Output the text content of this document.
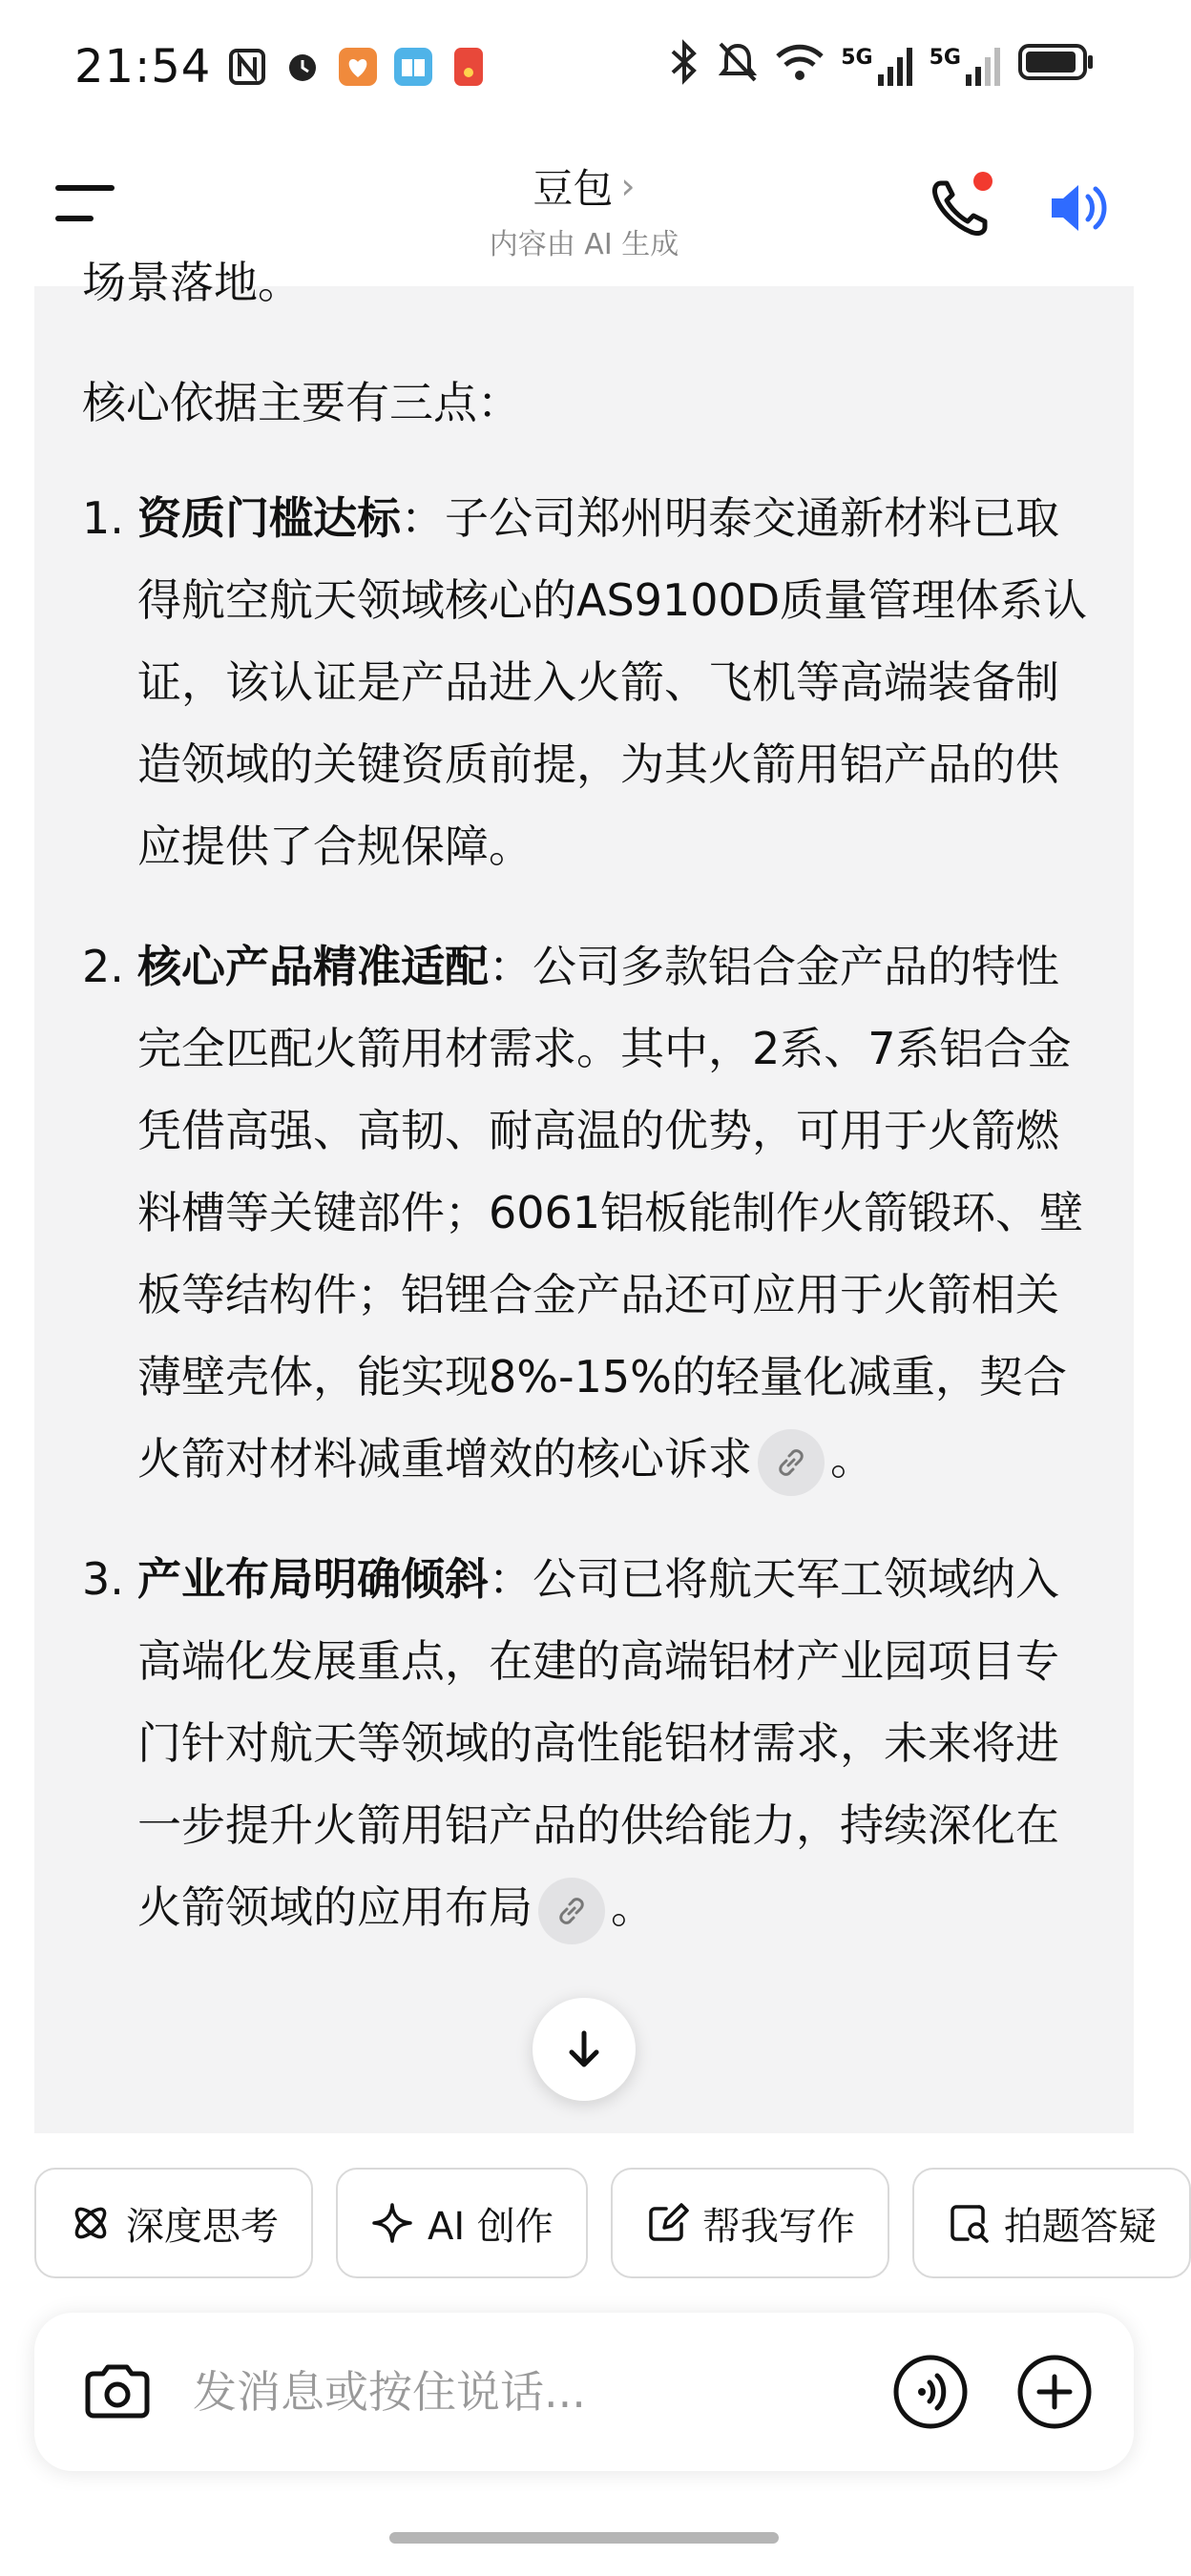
21:54	5G	5G
豆包 ›
内容由 AI 生成
场景落地。
核心依据主要有三点：
1. 资质门槛达标：子公司郑州明泰交通新材料已取得航空航天领域核心的AS9100D质量管理体系认证，该认证是产品进入火箭、飞机等高端装备制造领域的关键资质前提，为其火箭用铝产品的供应提供了合规保障。
2. 核心产品精准适配：公司多款铝合金产品的特性完全匹配火箭用材需求。其中，2系、7系铝合金凭借高强、高韧、耐高温的优势，可用于火箭燃料槽等关键部件；6061铝板能制作火箭锻环、壁板等结构件；铝锂合金产品还可应用于火箭相关薄壁壳体，能实现8%-15%的轻量化减重，契合火箭对材料减重增效的核心诉求 。
3. 产业布局明确倾斜：公司已将航天军工领域纳入高端化发展重点，在建的高端铝材产业园项目专门针对航天等领域的高性能铝材需求，未来将进一步提升火箭用铝产品的供给能力，持续深化在火箭领域的应用布局 。
深度思考	AI 创作	帮我写作	拍题答疑
发消息或按住说话...
